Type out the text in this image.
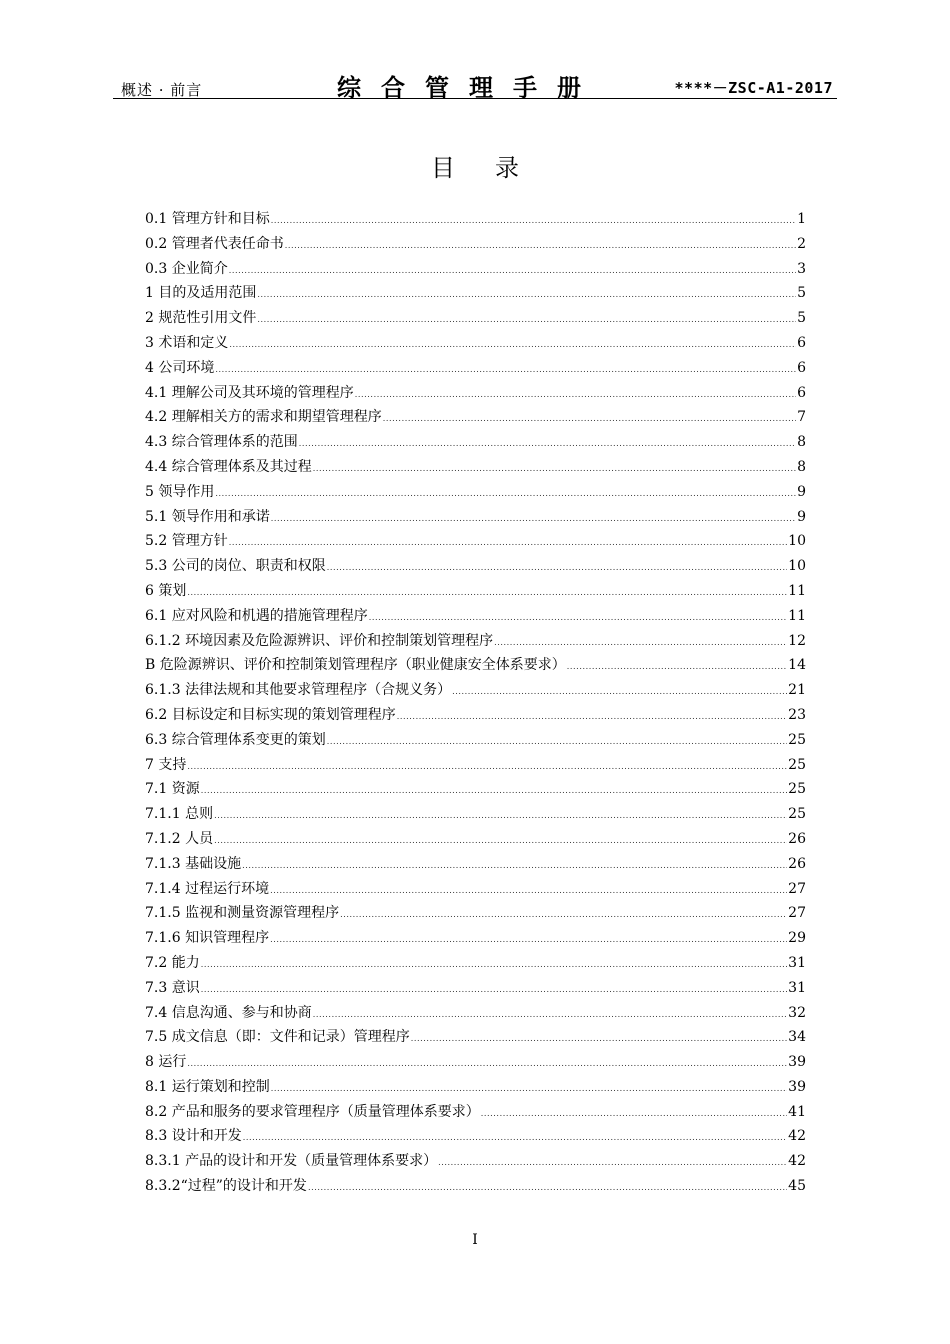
概述 · 前言	综合管理手册	****－ZSC-A1-2017
目录
0.1 管理方针和目标 .....	1
0.2 管理者代表任命书 .....	2
0.3 企业简介 .....	3
1 目的及适用范围 .....	5
2 规范性引用文件 .....	5
3 术语和定义 .....	6
4 公司环境 .....	6
4.1 理解公司及其环境的管理程序 .....	6
4.2 理解相关方的需求和期望管理程序 .....	7
4.3 综合管理体系的范围 .....	8
4.4 综合管理体系及其过程 .....	8
5 领导作用 .....	9
5.1 领导作用和承诺 .....	9
5.2 管理方针 .....	10
5.3 公司的岗位、职责和权限 .....	10
6 策划 .....	11
6.1 应对风险和机遇的措施管理程序 .....	11
6.1.2 环境因素及危险源辨识、评价和控制策划管理程序 .....	12
B 危险源辨识、评价和控制策划管理程序（职业健康安全体系要求） .....	14
6.1.3 法律法规和其他要求管理程序（合规义务） .....	21
6.2 目标设定和目标实现的策划管理程序 .....	23
6.3 综合管理体系变更的策划 .....	25
7 支持 .....	25
7.1 资源 .....	25
7.1.1 总则 .....	25
7.1.2 人员 .....	26
7.1.3 基础设施 .....	26
7.1.4 过程运行环境 .....	27
7.1.5 监视和测量资源管理程序 .....	27
7.1.6 知识管理程序 .....	29
7.2 能力 .....	31
7.3 意识 .....	31
7.4 信息沟通、参与和协商 .....	32
7.5 成文信息（即：文件和记录）管理程序 .....	34
8 运行 .....	39
8.1 运行策划和控制 .....	39
8.2 产品和服务的要求管理程序（质量管理体系要求） .....	41
8.3 设计和开发 .....	42
8.3.1 产品的设计和开发（质量管理体系要求） .....	42
8.3.2“过程”的设计和开发 .....	45
I
